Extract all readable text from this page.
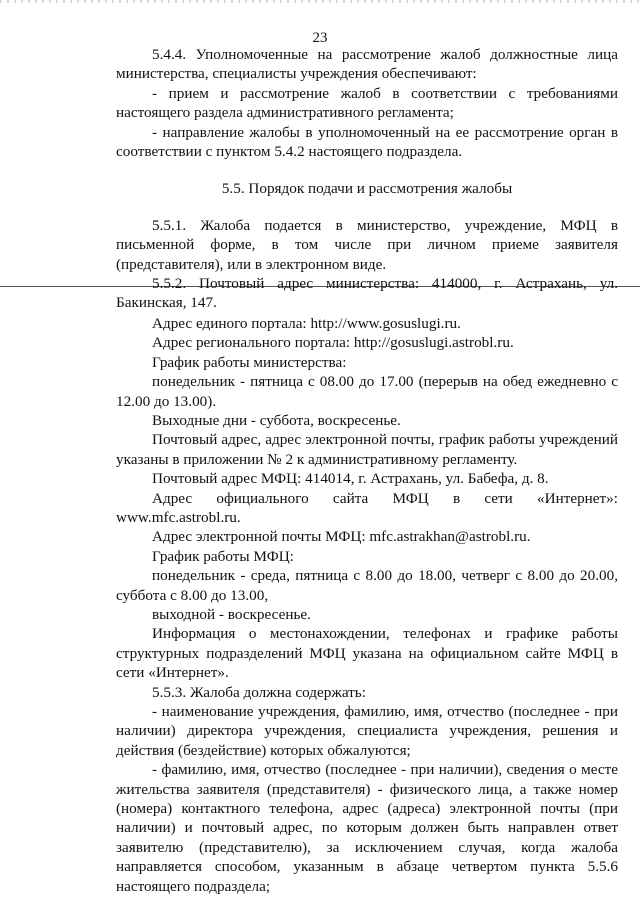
23

5.4.4. Уполномоченные на рассмотрение жалоб должностные лица министерства, специалисты учреждения обеспечивают:

- прием и рассмотрение жалоб в соответствии с требованиями настоящего раздела административного регламента;

- направление жалобы в уполномоченный на ее рассмотрение орган в соответствии с пунктом 5.4.2 настоящего подраздела.

5.5. Порядок подачи и рассмотрения жалобы

5.5.1. Жалоба подается в министерство, учреждение, МФЦ в письменной форме, в том числе при личном приеме заявителя (представителя), или в электронном виде.

5.5.2. Почтовый адрес министерства: 414000, г. Астрахань, ул. Бакинская, 147.

Адрес единого портала: http://www.gosuslugi.ru.

Адрес регионального портала: http://gosuslugi.astrobl.ru.

График работы министерства:

понедельник - пятница с 08.00 до 17.00 (перерыв на обед ежедневно с 12.00 до 13.00).

Выходные дни - суббота, воскресенье.

Почтовый адрес, адрес электронной почты, график работы учреждений указаны в приложении № 2 к административному регламенту.

Почтовый адрес МФЦ: 414014, г. Астрахань, ул. Бабефа, д. 8.

Адрес официального сайта МФЦ в сети «Интернет»: www.mfc.astrobl.ru.

Адрес электронной почты МФЦ: mfc.astrakhan@astrobl.ru.

График работы МФЦ:

понедельник - среда, пятница с 8.00 до 18.00, четверг с 8.00 до 20.00, суббота с 8.00 до 13.00,

выходной - воскресенье.

Информация о местонахождении, телефонах и графике работы структурных подразделений МФЦ указана на официальном сайте МФЦ в сети «Интернет».

5.5.3. Жалоба должна содержать:

- наименование учреждения, фамилию, имя, отчество (последнее - при наличии) директора учреждения, специалиста учреждения, решения и действия (бездействие) которых обжалуются;

- фамилию, имя, отчество (последнее - при наличии), сведения о месте жительства заявителя (представителя) - физического лица, а также номер (номера) контактного телефона, адрес (адреса) электронной почты (при наличии) и почтовый адрес, по которым должен быть направлен ответ заявителю (представителю), за исключением случая, когда жалоба направляется способом, указанным в абзаце четвертом пункта 5.5.6 настоящего подраздела;
